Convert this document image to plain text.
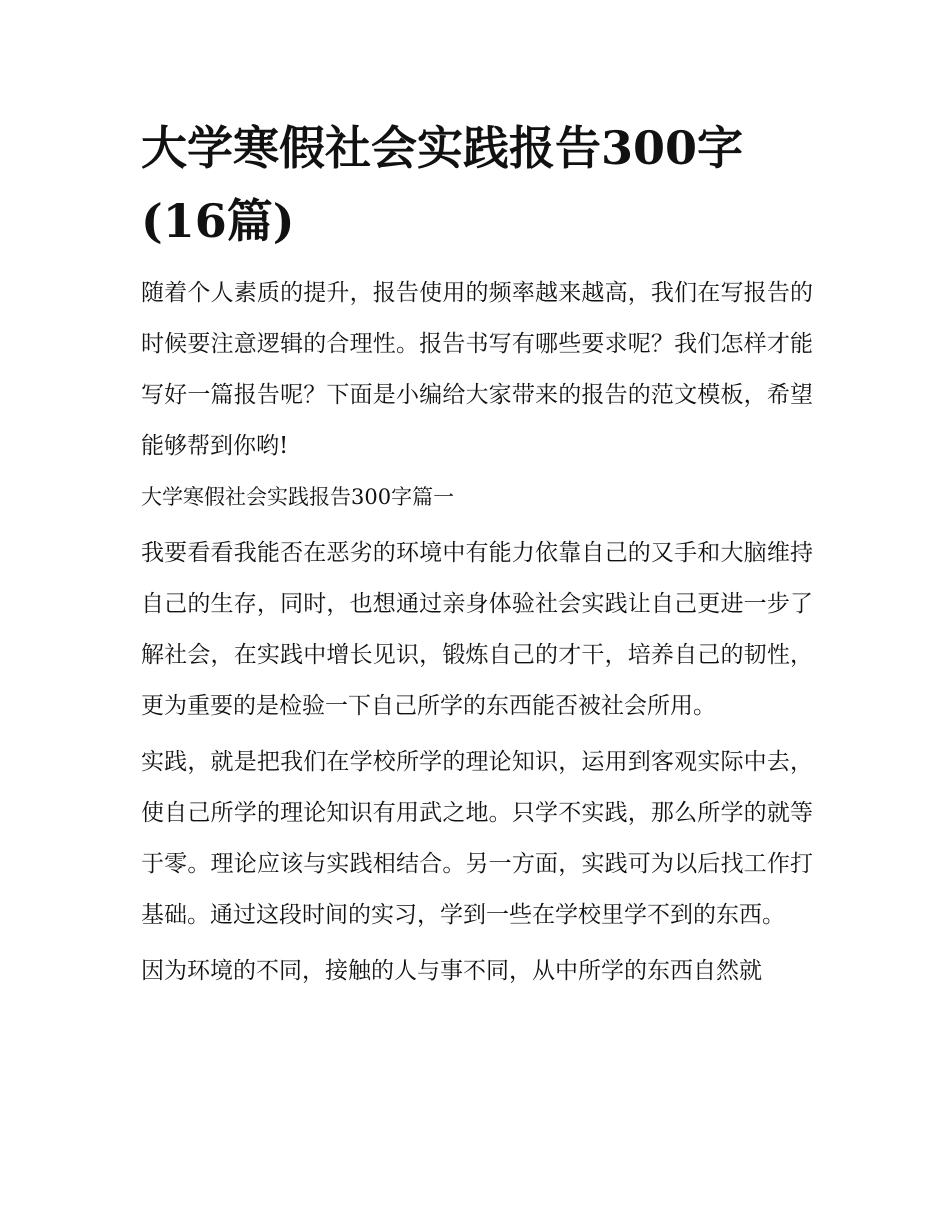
大学寒假社会实践报告300字(16篇)

随着个人素质的提升，报告使用的频率越来越高，我们在写报告的时候要注意逻辑的合理性。报告书写有哪些要求呢？我们怎样才能写好一篇报告呢？下面是小编给大家带来的报告的范文模板，希望能够帮到你哟!

大学寒假社会实践报告300字篇一

我要看看我能否在恶劣的环境中有能力依靠自己的又手和大脑维持自己的生存，同时，也想通过亲身体验社会实践让自己更进一步了解社会，在实践中增长见识，锻炼自己的才干，培养自己的韧性，更为重要的是检验一下自己所学的东西能否被社会所用。

实践，就是把我们在学校所学的理论知识，运用到客观实际中去，使自己所学的理论知识有用武之地。只学不实践，那么所学的就等于零。理论应该与实践相结合。另一方面，实践可为以后找工作打基础。通过这段时间的实习，学到一些在学校里学不到的东西。

因为环境的不同，接触的人与事不同，从中所学的东西自然就
